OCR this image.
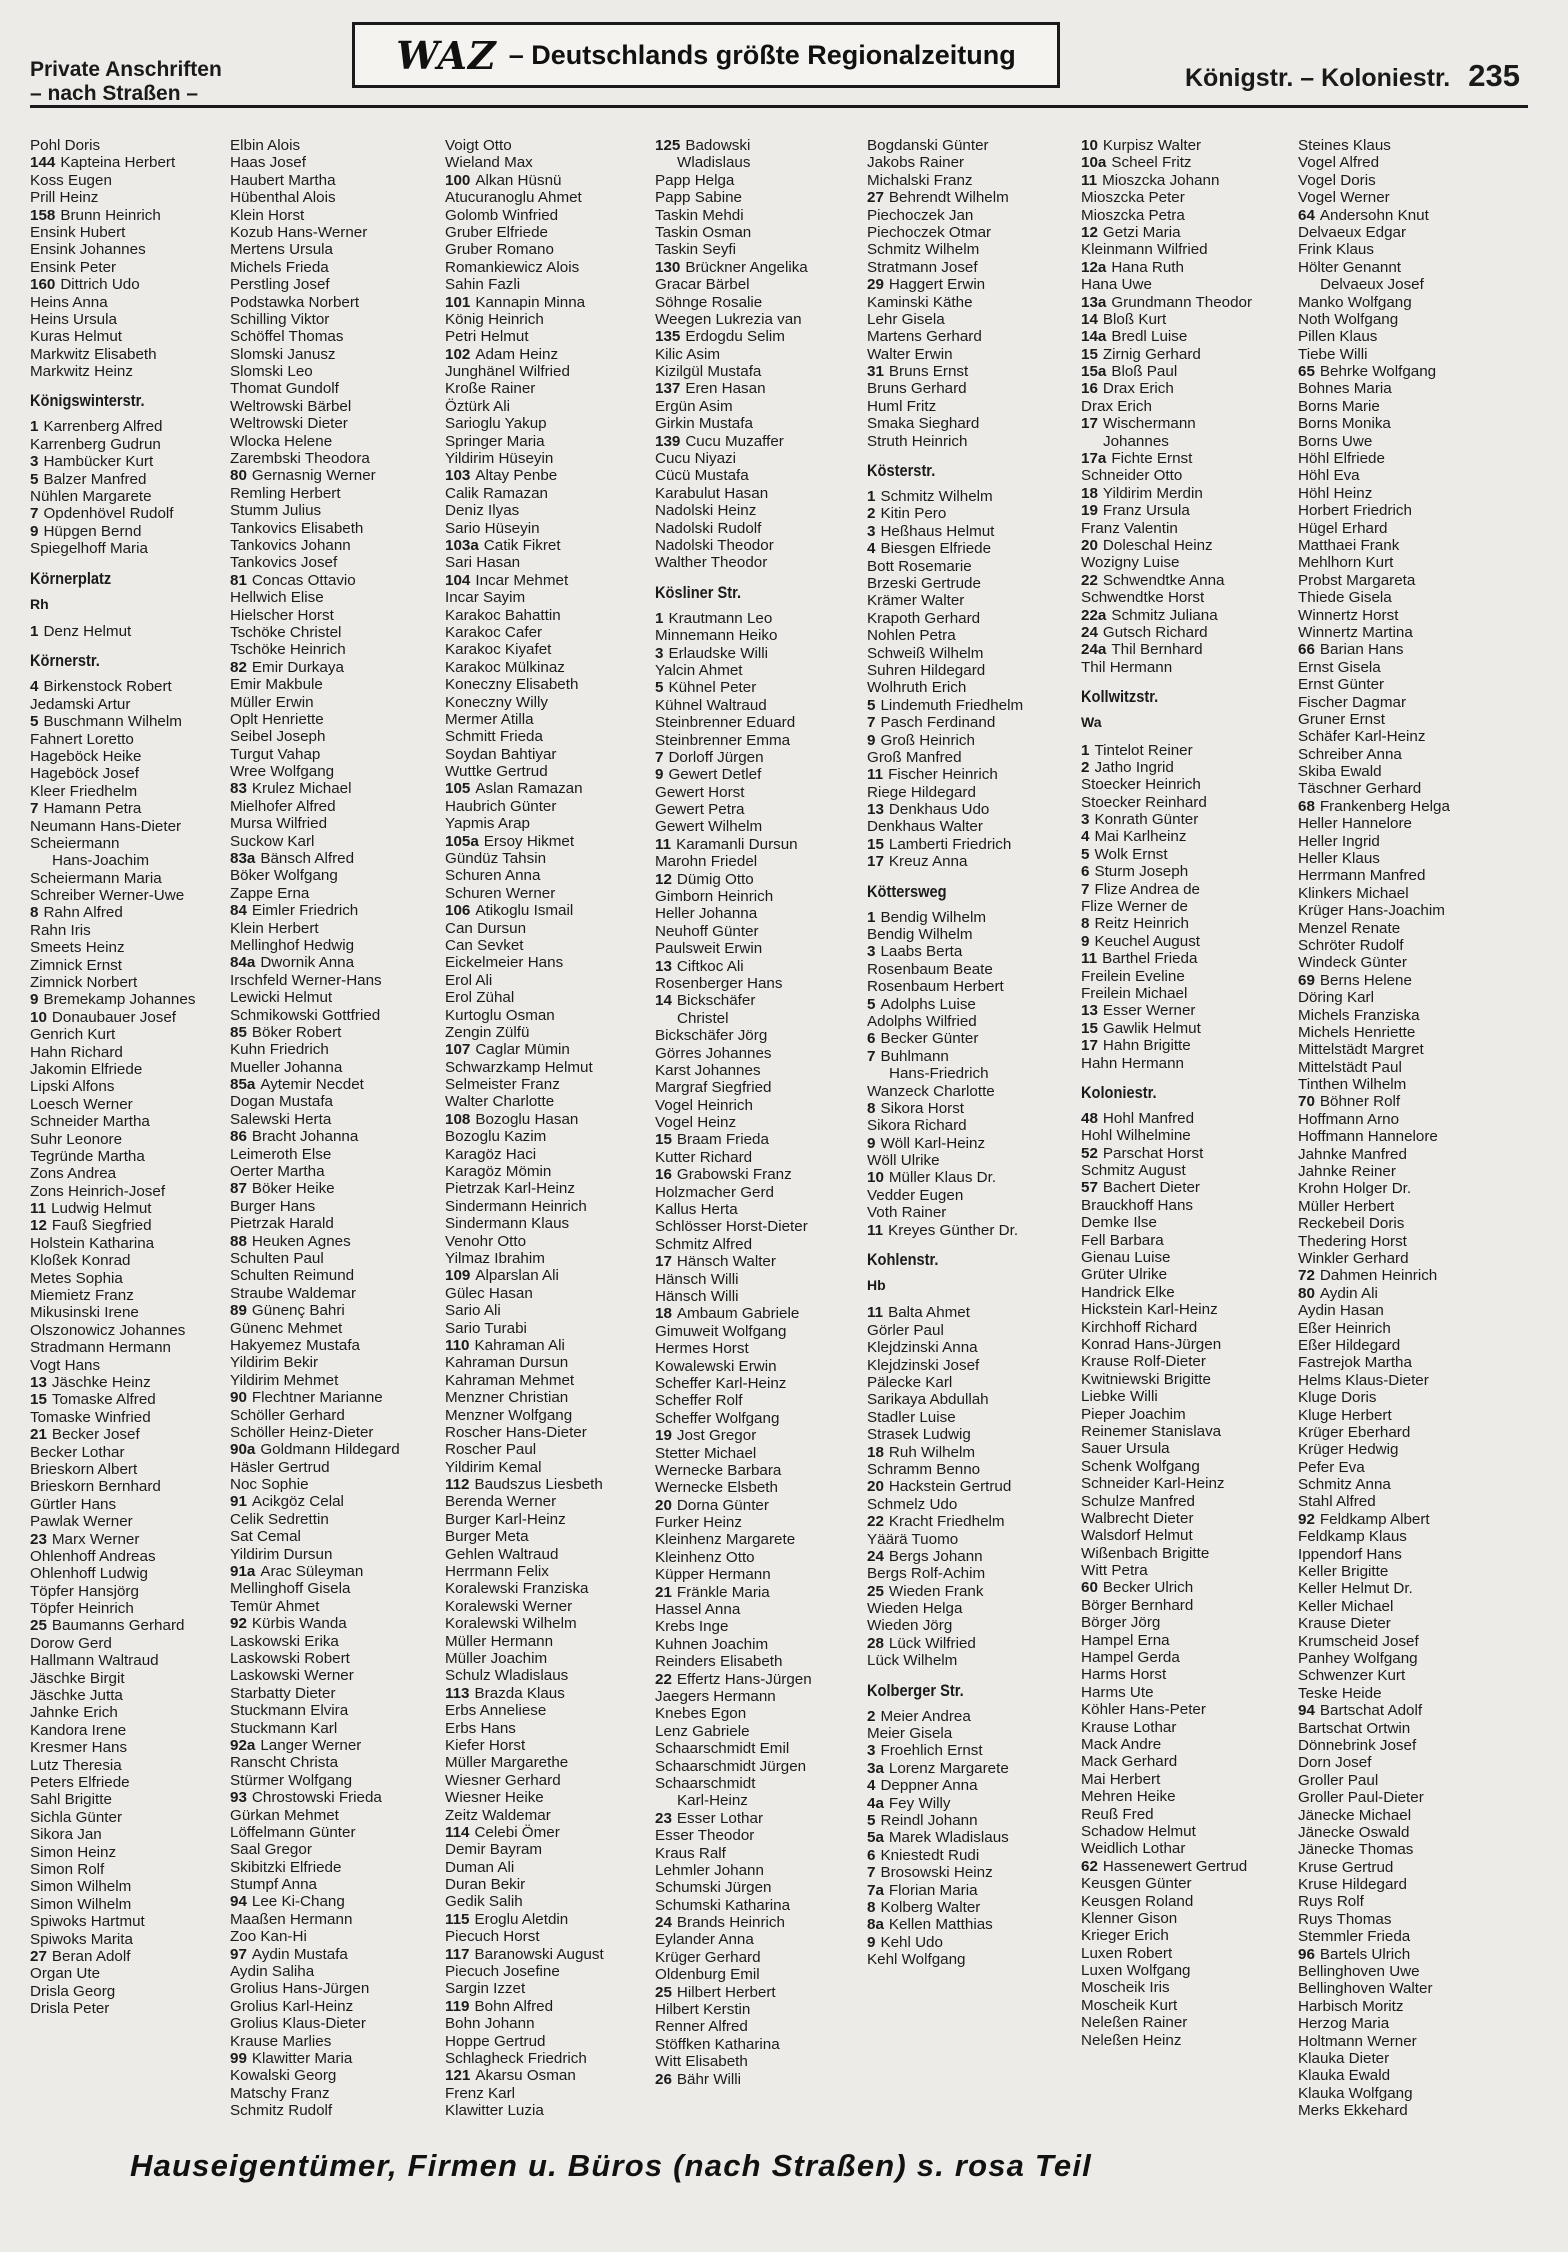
Private Anschriften – nach Straßen –
WAZ – Deutschlands größte Regionalzeitung
Königstr. – Koloniestr. 235
Pohl Doris
144 Kapteina Herbert
Koss Eugen
Prill Heinz
158 Brunn Heinrich
Ensink Hubert
Ensink Johannes
Ensink Peter
160 Dittrich Udo
Heins Anna
Heins Ursula
Kuras Helmut
Markwitz Elisabeth
Markwitz Heinz
Königswinterstr.
1 Karrenberg Alfred
Karrenberg Gudrun
3 Hambücker Kurt
5 Balzer Manfred
Nühlen Margarete
7 Opdenhövel Rudolf
9 Hüpgen Bernd
Spiegelhoff Maria
Körnerplatz
Rh
1 Denz Helmut
Körnerstr.
4 Birkenstock Robert
Jedamski Artur
5 Buschmann Wilhelm
Fahnert Loretto
Hageböck Heike
Hageböck Josef
Kleer Friedhelm
7 Hamann Petra
Neumann Hans-Dieter
Scheiermann
Hans-Joachim
Scheiermann Maria
Schreiber Werner-Uwe
8 Rahn Alfred
Rahn Iris
Smeets Heinz
Zimnick Ernst
Zimnick Norbert
9 Bremekamp Johannes
10 Donaubauer Josef
Genrich Kurt
Hahn Richard
Jakomin Elfriede
Lipski Alfons
Loesch Werner
Schneider Martha
Suhr Leonore
Tegründe Martha
Zons Andrea
Zons Heinrich-Josef
11 Ludwig Helmut
12 Fauß Siegfried
Holstein Katharina
Kloßek Konrad
Metes Sophia
Miemietz Franz
Mikusinski Irene
Olszonowicz Johannes
Stradmann Hermann
Vogt Hans
13 Jäschke Heinz
15 Tomaske Alfred
Tomaske Winfried
21 Becker Josef
Becker Lothar
Brieskorn Albert
Brieskorn Bernhard
Gürtler Hans
Pawlak Werner
23 Marx Werner
Ohlenhoff Andreas
Ohlenhoff Ludwig
Töpfer Hansjörg
Töpfer Heinrich
25 Baumanns Gerhard
Dorow Gerd
Hallmann Waltraud
Jäschke Birgit
Jäschke Jutta
Jahnke Erich
Kandora Irene
Kresmer Hans
Lutz Theresia
Peters Elfriede
Sahl Brigitte
Sichla Günter
Sikora Jan
Simon Heinz
Simon Rolf
Simon Wilhelm
Simon Wilhelm
Spiwoks Hartmut
Spiwoks Marita
27 Beran Adolf
Organ Ute
Drisla Georg
Drisla Peter
Elbin Alois
Haas Josef
Haubert Martha
Hübenthal Alois
Klein Horst
Kozub Hans-Werner
Mertens Ursula
Michels Frieda
Perstling Josef
Podstawka Norbert
Schilling Viktor
Schöffel Thomas
Slomski Janusz
Slomski Leo
Thomat Gundolf
Weltrowski Bärbel
Weltrowski Dieter
Wlocka Helene
Zarembski Theodora
80 Gernasnig Werner
Remling Herbert
Stumm Julius
Tankovics Elisabeth
Tankovics Johann
Tankovics Josef
81 Concas Ottavio
Hellwich Elise
Hielscher Horst
Tschöke Christel
Tschöke Heinrich
82 Emir Durkaya
Emir Makbule
Müller Erwin
Oplt Henriette
Seibel Joseph
Turgut Vahap
Wree Wolfgang
83 Krulez Michael
Mielhofer Alfred
Mursa Wilfried
Suckow Karl
83a Bänsch Alfred
Böker Wolfgang
Zappe Erna
84 Eimler Friedrich
Klein Herbert
Mellinghof Hedwig
84a Dwornik Anna
Irschfeld Werner-Hans
Lewicki Helmut
Schmikowski Gottfried
85 Böker Robert
Kuhn Friedrich
Mueller Johanna
85a Aytemir Necdet
Dogan Mustafa
Salewski Herta
86 Bracht Johanna
Leimeroth Else
Oerter Martha
87 Böker Heike
Burger Hans
Pietrzak Harald
88 Heuken Agnes
Schulten Paul
Schulten Reimund
Straube Waldemar
89 Günenç Bahri
Günenc Mehmet
Hakyemez Mustafa
Yildirim Bekir
Yildirim Mehmet
90 Flechtner Marianne
Schöller Gerhard
Schöller Heinz-Dieter
90a Goldmann Hildegard
Häsler Gertrud
Noc Sophie
91 Acikgöz Celal
Celik Sedrettin
Sat Cemal
Yildirim Dursun
91a Arac Süleyman
Mellinghoff Gisela
Temür Ahmet
92 Kürbis Wanda
Laskowski Erika
Laskowski Robert
Laskowski Werner
Starbatty Dieter
Stuckmann Elvira
Stuckmann Karl
92a Langer Werner
Ranscht Christa
Stürmer Wolfgang
93 Chrostowski Frieda
Gürkan Mehmet
Löffelmann Günter
Saal Gregor
Skibitzki Elfriede
Stumpf Anna
94 Lee Ki-Chang
Maaßen Hermann
Zoo Kan-Hi
97 Aydin Mustafa
Aydin Saliha
Grolius Hans-Jürgen
Grolius Karl-Heinz
Grolius Klaus-Dieter
Krause Marlies
99 Klawitter Maria
Kowalski Georg
Matschy Franz
Schmitz Rudolf
Voigt Otto
Wieland Max
100 Alkan Hüsnü
Atucuranoglu Ahmet
Golomb Winfried
Gruber Elfriede
Gruber Romano
Romankiewicz Alois
Sahin Fazli
101 Kannapin Minna
König Heinrich
Petri Helmut
102 Adam Heinz
Junghänel Wilfried
Kroße Rainer
Öztürk Ali
Sarioglu Yakup
Springer Maria
Yildirim Hüseyin
103 Altay Penbe
Calik Ramazan
Deniz Ilyas
Sario Hüseyin
103a Catik Fikret
Sari Hasan
104 Incar Mehmet
Incar Sayim
Karakoc Bahattin
Karakoc Cafer
Karakoc Kiyafet
Karakoc Mülkinaz
Koneczny Elisabeth
Koneczny Willy
Mermer Atilla
Schmitt Frieda
Soydan Bahtiyar
Wuttke Gertrud
105 Aslan Ramazan
Haubrich Günter
Yapmis Arap
105a Ersoy Hikmet
Gündüz Tahsin
Schuren Anna
Schuren Werner
106 Atikoglu Ismail
Can Dursun
Can Sevket
Eickelmeier Hans
Erol Ali
Erol Zühal
Kurtoglu Osman
Zengin Zülfü
107 Caglar Mümin
Schwarzkamp Helmut
Selmeister Franz
Walter Charlotte
108 Bozoglu Hasan
Bozoglu Kazim
Karagöz Haci
Karagöz Mömin
Pietrzak Karl-Heinz
Sindermann Heinrich
Sindermann Klaus
Venohr Otto
Yilmaz Ibrahim
109 Alparslan Ali
Gülec Hasan
Sario Ali
Sario Turabi
110 Kahraman Ali
Kahraman Dursun
Kahraman Mehmet
Menzner Christian
Menzner Wolfgang
Roscher Hans-Dieter
Roscher Paul
Yildirim Kemal
112 Baudszus Liesbeth
Berenda Werner
Burger Karl-Heinz
Burger Meta
Gehlen Waltraud
Herrmann Felix
Koralewski Franziska
Koralewski Werner
Koralewski Wilhelm
Müller Hermann
Müller Joachim
Schulz Wladislaus
113 Brazda Klaus
Erbs Anneliese
Erbs Hans
Kiefer Horst
Müller Margarethe
Wiesner Gerhard
Wiesner Heike
Zeitz Waldemar
114 Celebi Ömer
Demir Bayram
Duman Ali
Duran Bekir
Gedik Salih
115 Eroglu Aletdin
Piecuch Horst
117 Baranowski August
Piecuch Josefine
Sargin Izzet
119 Bohn Alfred
Bohn Johann
Hoppe Gertrud
Schlagheck Friedrich
121 Akarsu Osman
Frenz Karl
Klawitter Luzia
125 Badowski
Wladislaus
Papp Helga
Papp Sabine
Taskin Mehdi
Taskin Osman
Taskin Seyfi
130 Brückner Angelika
Gracar Bärbel
Söhnge Rosalie
Weegen Lukrezia van
135 Erdogdu Selim
Kilic Asim
Kizilgül Mustafa
137 Eren Hasan
Ergün Asim
Girkin Mustafa
139 Cucu Muzaffer
Cucu Niyazi
Cücü Mustafa
Karabulut Hasan
Nadolski Heinz
Nadolski Rudolf
Nadolski Theodor
Walther Theodor
Kösliner Str.
1 Krautmann Leo
Minnemann Heiko
3 Erlaudske Willi
Yalcin Ahmet
5 Kühnel Peter
Kühnel Waltraud
Steinbrenner Eduard
Steinbrenner Emma
7 Dorloff Jürgen
9 Gewert Detlef
Gewert Horst
Gewert Petra
Gewert Wilhelm
11 Karamanli Dursun
Marohn Friedel
12 Dümig Otto
Gimborn Heinrich
Heller Johanna
Neuhoff Günter
Paulsweit Erwin
13 Ciftkoc Ali
Rosenberger Hans
14 Bickschäfer
Christel
Bickschäfer Jörg
Görres Johannes
Karst Johannes
Margraf Siegfried
Vogel Heinrich
Vogel Heinz
15 Braam Frieda
Kutter Richard
16 Grabowski Franz
Holzmacher Gerd
Kallus Herta
Schlösser Horst-Dieter
Schmitz Alfred
17 Hänsch Walter
Hänsch Willi
Hänsch Willi
18 Ambaum Gabriele
Gimuweit Wolfgang
Hermes Horst
Kowalewski Erwin
Scheffer Karl-Heinz
Scheffer Rolf
Scheffer Wolfgang
19 Jost Gregor
Stetter Michael
Wernecke Barbara
Wernecke Elsbeth
20 Dorna Günter
Furker Heinz
Kleinhenz Margarete
Kleinhenz Otto
Küpper Hermann
21 Fränkle Maria
Hassel Anna
Krebs Inge
Kuhnen Joachim
Reinders Elisabeth
22 Effertz Hans-Jürgen
Jaegers Hermann
Knebes Egon
Lenz Gabriele
Schaarschmidt Emil
Schaarschmidt Jürgen
Schaarschmidt
Karl-Heinz
23 Esser Lothar
Esser Theodor
Kraus Ralf
Lehmler Johann
Schumski Jürgen
Schumski Katharina
24 Brands Heinrich
Eylander Anna
Krüger Gerhard
Oldenburg Emil
25 Hilbert Herbert
Hilbert Kerstin
Renner Alfred
Stöffken Katharina
Witt Elisabeth
26 Bähr Willi
Bogdanski Günter
Jakobs Rainer
Michalski Franz
27 Behrendt Wilhelm
Piechoczek Jan
Piechoczek Otmar
Schmitz Wilhelm
Stratmann Josef
29 Haggert Erwin
Kaminski Käthe
Lehr Gisela
Martens Gerhard
Walter Erwin
31 Bruns Ernst
Bruns Gerhard
Huml Fritz
Smaka Sieghard
Struth Heinrich
Kösterstr.
1 Schmitz Wilhelm
2 Kitin Pero
3 Heßhaus Helmut
4 Biesgen Elfriede
Bott Rosemarie
Brzeski Gertrude
Krämer Walter
Krapoth Gerhard
Nohlen Petra
Schweiß Wilhelm
Suhren Hildegard
Wolhruth Erich
5 Lindemuth Friedhelm
7 Pasch Ferdinand
9 Groß Heinrich
Groß Manfred
11 Fischer Heinrich
Riege Hildegard
13 Denkhaus Udo
Denkhaus Walter
15 Lamberti Friedrich
17 Kreuz Anna
Köttersweg
1 Bendig Wilhelm
Bendig Wilhelm
3 Laabs Berta
Rosenbaum Beate
Rosenbaum Herbert
5 Adolphs Luise
Adolphs Wilfried
6 Becker Günter
7 Buhlmann
Hans-Friedrich
Wanzeck Charlotte
8 Sikora Horst
Sikora Richard
9 Wöll Karl-Heinz
Wöll Ulrike
10 Müller Klaus Dr.
Vedder Eugen
Voth Rainer
11 Kreyes Günther Dr.
Kohlenstr.
Hb
11 Balta Ahmet
Görler Paul
Klejdzinski Anna
Klejdzinski Josef
Pälecke Karl
Sarikaya Abdullah
Stadler Luise
Strasek Ludwig
18 Ruh Wilhelm
Schramm Benno
20 Hackstein Gertrud
Schmelz Udo
22 Kracht Friedhelm
Yäärä Tuomo
24 Bergs Johann
Bergs Rolf-Achim
25 Wieden Frank
Wieden Helga
Wieden Jörg
28 Lück Wilfried
Lück Wilhelm
Kolberger Str.
2 Meier Andrea
Meier Gisela
3 Froehlich Ernst
3a Lorenz Margarete
4 Deppner Anna
4a Fey Willy
5 Reindl Johann
5a Marek Wladislaus
6 Kniestedt Rudi
7 Brosowski Heinz
7a Florian Maria
8 Kolberg Walter
8a Kellen Matthias
9 Kehl Udo
Kehl Wolfgang
10 Kurpisz Walter
10a Scheel Fritz
11 Mioszcka Johann
Mioszcka Peter
Mioszcka Petra
12 Getzi Maria
Kleinmann Wilfried
12a Hana Ruth
Hana Uwe
13a Grundmann Theodor
14 Bloß Kurt
14a Bredl Luise
15 Zirnig Gerhard
15a Bloß Paul
16 Drax Erich
Drax Erich
17 Wischermann
Johannes
17a Fichte Ernst
Schneider Otto
18 Yildirim Merdin
19 Franz Ursula
Franz Valentin
20 Doleschal Heinz
Wozigny Luise
22 Schwendtke Anna
Schwendtke Horst
22a Schmitz Juliana
24 Gutsch Richard
24a Thil Bernhard
Thil Hermann
Kollwitzstr.
Wa
1 Tintelot Reiner
2 Jatho Ingrid
Stoecker Heinrich
Stoecker Reinhard
3 Konrath Günter
4 Mai Karlheinz
5 Wolk Ernst
6 Sturm Joseph
7 Flize Andrea de
Flize Werner de
8 Reitz Heinrich
9 Keuchel August
11 Barthel Frieda
Freilein Eveline
Freilein Michael
13 Esser Werner
15 Gawlik Helmut
17 Hahn Brigitte
Hahn Hermann
Koloniestr.
48 Hohl Manfred
Hohl Wilhelmine
52 Parschat Horst
Schmitz August
57 Bachert Dieter
Brauckhoff Hans
Demke Ilse
Fell Barbara
Gienau Luise
Grüter Ulrike
Handrick Elke
Hickstein Karl-Heinz
Kirchhoff Richard
Konrad Hans-Jürgen
Krause Rolf-Dieter
Kwitniewski Brigitte
Liebke Willi
Pieper Joachim
Reinemer Stanislava
Sauer Ursula
Schenk Wolfgang
Schneider Karl-Heinz
Schulze Manfred
Walbrecht Dieter
Walsdorf Helmut
Wißenbach Brigitte
Witt Petra
60 Becker Ulrich
Börger Bernhard
Börger Jörg
Hampel Erna
Hampel Gerda
Harms Horst
Harms Ute
Köhler Hans-Peter
Krause Lothar
Mack Andre
Mack Gerhard
Mai Herbert
Mehren Heike
Reuß Fred
Schadow Helmut
Weidlich Lothar
62 Hassenewert Gertrud
Keusgen Günter
Keusgen Roland
Klenner Gison
Krieger Erich
Luxen Robert
Luxen Wolfgang
Moscheik Iris
Moscheik Kurt
Neleßen Rainer
Neleßen Heinz
Steines Klaus
Vogel Alfred
Vogel Doris
Vogel Werner
64 Andersohn Knut
Delvaeux Edgar
Frink Klaus
Hölter Genannt
Delvaeux Josef
Manko Wolfgang
Noth Wolfgang
Pillen Klaus
Tiebe Willi
65 Behrke Wolfgang
Bohnes Maria
Borns Marie
Borns Monika
Borns Uwe
Höhl Elfriede
Höhl Eva
Höhl Heinz
Horbert Friedrich
Hügel Erhard
Matthaei Frank
Mehlhorn Kurt
Probst Margareta
Thiede Gisela
Winnertz Horst
Winnertz Martina
66 Barian Hans
Ernst Gisela
Ernst Günter
Fischer Dagmar
Gruner Ernst
Schäfer Karl-Heinz
Schreiber Anna
Skiba Ewald
Täschner Gerhard
68 Frankenberg Helga
Heller Hannelore
Heller Ingrid
Heller Klaus
Herrmann Manfred
Klinkers Michael
Krüger Hans-Joachim
Menzel Renate
Schröter Rudolf
Windeck Günter
69 Berns Helene
Döring Karl
Michels Franziska
Michels Henriette
Mittelstädt Margret
Mittelstädt Paul
Tinthen Wilhelm
70 Böhner Rolf
Hoffmann Arno
Hoffmann Hannelore
Jahnke Manfred
Jahnke Reiner
Krohn Holger Dr.
Müller Herbert
Reckebeil Doris
Thedering Horst
Winkler Gerhard
72 Dahmen Heinrich
80 Aydin Ali
Aydin Hasan
Eßer Heinrich
Eßer Hildegard
Fastrejok Martha
Helms Klaus-Dieter
Kluge Doris
Kluge Herbert
Krüger Eberhard
Krüger Hedwig
Pefer Eva
Schmitz Anna
Stahl Alfred
92 Feldkamp Albert
Feldkamp Klaus
Ippendorf Hans
Keller Brigitte
Keller Helmut Dr.
Keller Michael
Krause Dieter
Krumscheid Josef
Panhey Wolfgang
Schwenzer Kurt
Teske Heide
94 Bartschat Adolf
Bartschat Ortwin
Dönnebrink Josef
Dorn Josef
Groller Paul
Groller Paul-Dieter
Jänecke Michael
Jänecke Oswald
Jänecke Thomas
Kruse Gertrud
Kruse Hildegard
Ruys Rolf
Ruys Thomas
Stemmler Frieda
96 Bartels Ulrich
Bellinghoven Uwe
Bellinghoven Walter
Harbisch Moritz
Herzog Maria
Holtmann Werner
Klauka Dieter
Klauka Ewald
Klauka Wolfgang
Merks Ekkehard
Hauseigentümer, Firmen u. Büros (nach Straßen) s. rosa Teil
